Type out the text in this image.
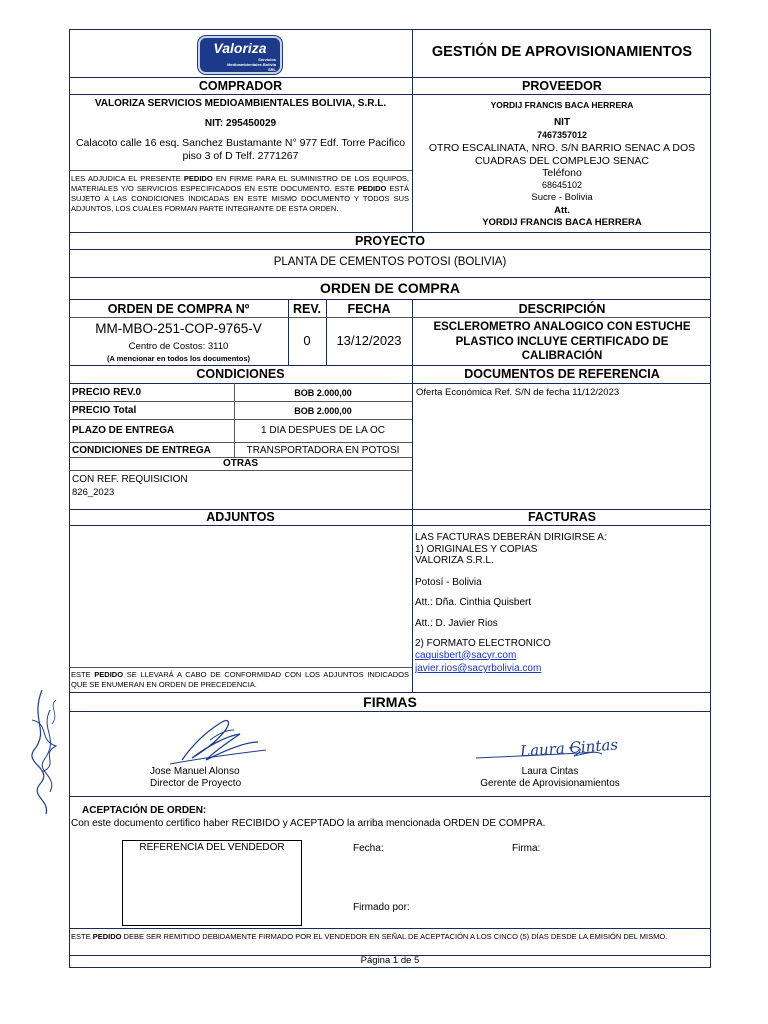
Valoriza
Servicios Medioambientales Bolivia SRL
GESTIÓN DE APROVISIONAMIENTOS
COMPRADOR	PROVEEDOR
VALORIZA SERVICIOS MEDIOAMBIENTALES BOLIVIA, S.R.L.
NIT: 295450029
Calacoto calle 16 esq. Sanchez Bustamante N° 977 Edf. Torre Pacifico piso 3 of D Telf. 2771267
LES ADJUDICA EL PRESENTE PEDIDO EN FIRME PARA EL SUMINISTRO DE LOS EQUIPOS, MATERIALES Y/O SERVICIOS ESPECIFICADOS EN ESTE DOCUMENTO. ESTE PEDIDO ESTÁ SUJETO A LAS CONDICIONES INDICADAS EN ESTE MISMO DOCUMENTO Y TODOS SUS ADJUNTOS, LOS CUALES FORMAN PARTE INTEGRANTE DE ESTA ORDEN.
YORDIJ FRANCIS BACA HERRERA
NIT
7467357012
OTRO ESCALINATA, NRO. S/N BARRIO SENAC A DOS CUADRAS DEL COMPLEJO SENAC
Teléfono
68645102
Sucre - Bolivia
Att.
YORDIJ FRANCIS BACA HERRERA
PROYECTO
PLANTA DE CEMENTOS POTOSI (BOLIVIA)
ORDEN DE COMPRA
ORDEN DE COMPRA Nº	REV.	FECHA	DESCRIPCIÓN
MM-MBO-251-COP-9765-V
Centro de Costos: 3110
(A mencionar en todos los documentos)
0	13/12/2023
ESCLEROMETRO ANALOGICO CON ESTUCHE PLASTICO INCLUYE CERTIFICADO DE CALIBRACIÓN
CONDICIONES	DOCUMENTOS DE REFERENCIA
PRECIO REV.0	BOB 2.000,00
PRECIO Total	BOB 2.000,00
PLAZO DE ENTREGA	1 DIA DESPUES DE LA OC
CONDICIONES DE ENTREGA	TRANSPORTADORA EN POTOSI
OTRAS
CON REF. REQUISICION
826_2023
Oferta Económica Ref. S/N de fecha 11/12/2023
ADJUNTOS	FACTURAS
ESTE PEDIDO SE LLEVARÁ A CABO DE CONFORMIDAD CON LOS ADJUNTOS INDICADOS QUE SE ENUMERAN EN ORDEN DE PRECEDENCIA.
LAS FACTURAS DEBERÁN DIRIGIRSE A:
1) ORIGINALES Y COPIAS
VALORIZA S.R.L.
Potosí - Bolivia
Att.: Dña. Cinthia Quisbert
Att.: D. Javier Rios
2) FORMATO ELECTRONICO
caquisbert@sacyr.com
javier.rios@sacyrbolivia.com
FIRMAS
Jose Manuel Alonso
Director de Proyecto
Laura Cintas
Laura Cintas
Gerente de Aprovisionamientos
ACEPTACIÓN DE ORDEN:
Con este documento certifico haber RECIBIDO y ACEPTADO la arriba mencionada ORDEN DE COMPRA.
REFERENCIA DEL VENDEDOR	Fecha:	Firma:
Firmado por:
ESTE PEDIDO DEBE SER REMITIDO DEBIDAMENTE FIRMADO POR EL VENDEDOR EN SEÑAL DE ACEPTACIÓN A LOS CINCO (5) DÍAS DESDE LA EMISIÓN DEL MISMO.
Página 1 de 5
